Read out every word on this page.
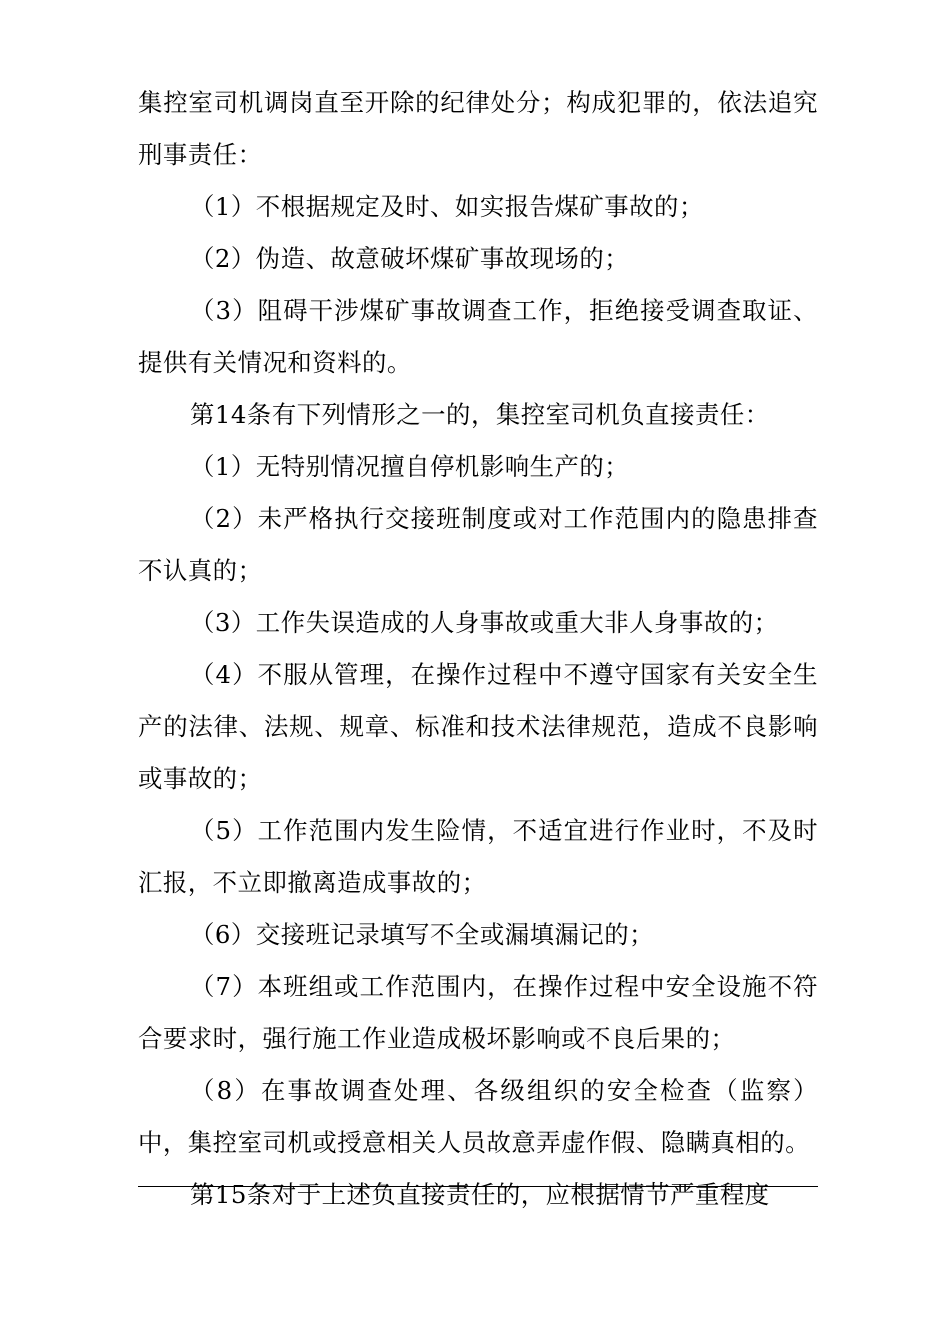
集控室司机调岗直至开除的纪律处分；构成犯罪的，依法追究刑事责任：

（1）不根据规定及时、如实报告煤矿事故的；

（2）伪造、故意破坏煤矿事故现场的；

（3）阻碍干涉煤矿事故调查工作，拒绝接受调查取证、提供有关情况和资料的。

第14条有下列情形之一的，集控室司机负直接责任：

（1）无特别情况擅自停机影响生产的；

（2）未严格执行交接班制度或对工作范围内的隐患排查不认真的；

（3）工作失误造成的人身事故或重大非人身事故的；

（4）不服从管理，在操作过程中不遵守国家有关安全生产的法律、法规、规章、标准和技术法律规范，造成不良影响或事故的；

（5）工作范围内发生险情，不适宜进行作业时，不及时汇报，不立即撤离造成事故的；

（6）交接班记录填写不全或漏填漏记的；

（7）本班组或工作范围内，在操作过程中安全设施不符合要求时，强行施工作业造成极坏影响或不良后果的；

（8）在事故调查处理、各级组织的安全检查（监察）中，集控室司机或授意相关人员故意弄虚作假、隐瞒真相的。

第15条对于上述负直接责任的，应根据情节严重程度
